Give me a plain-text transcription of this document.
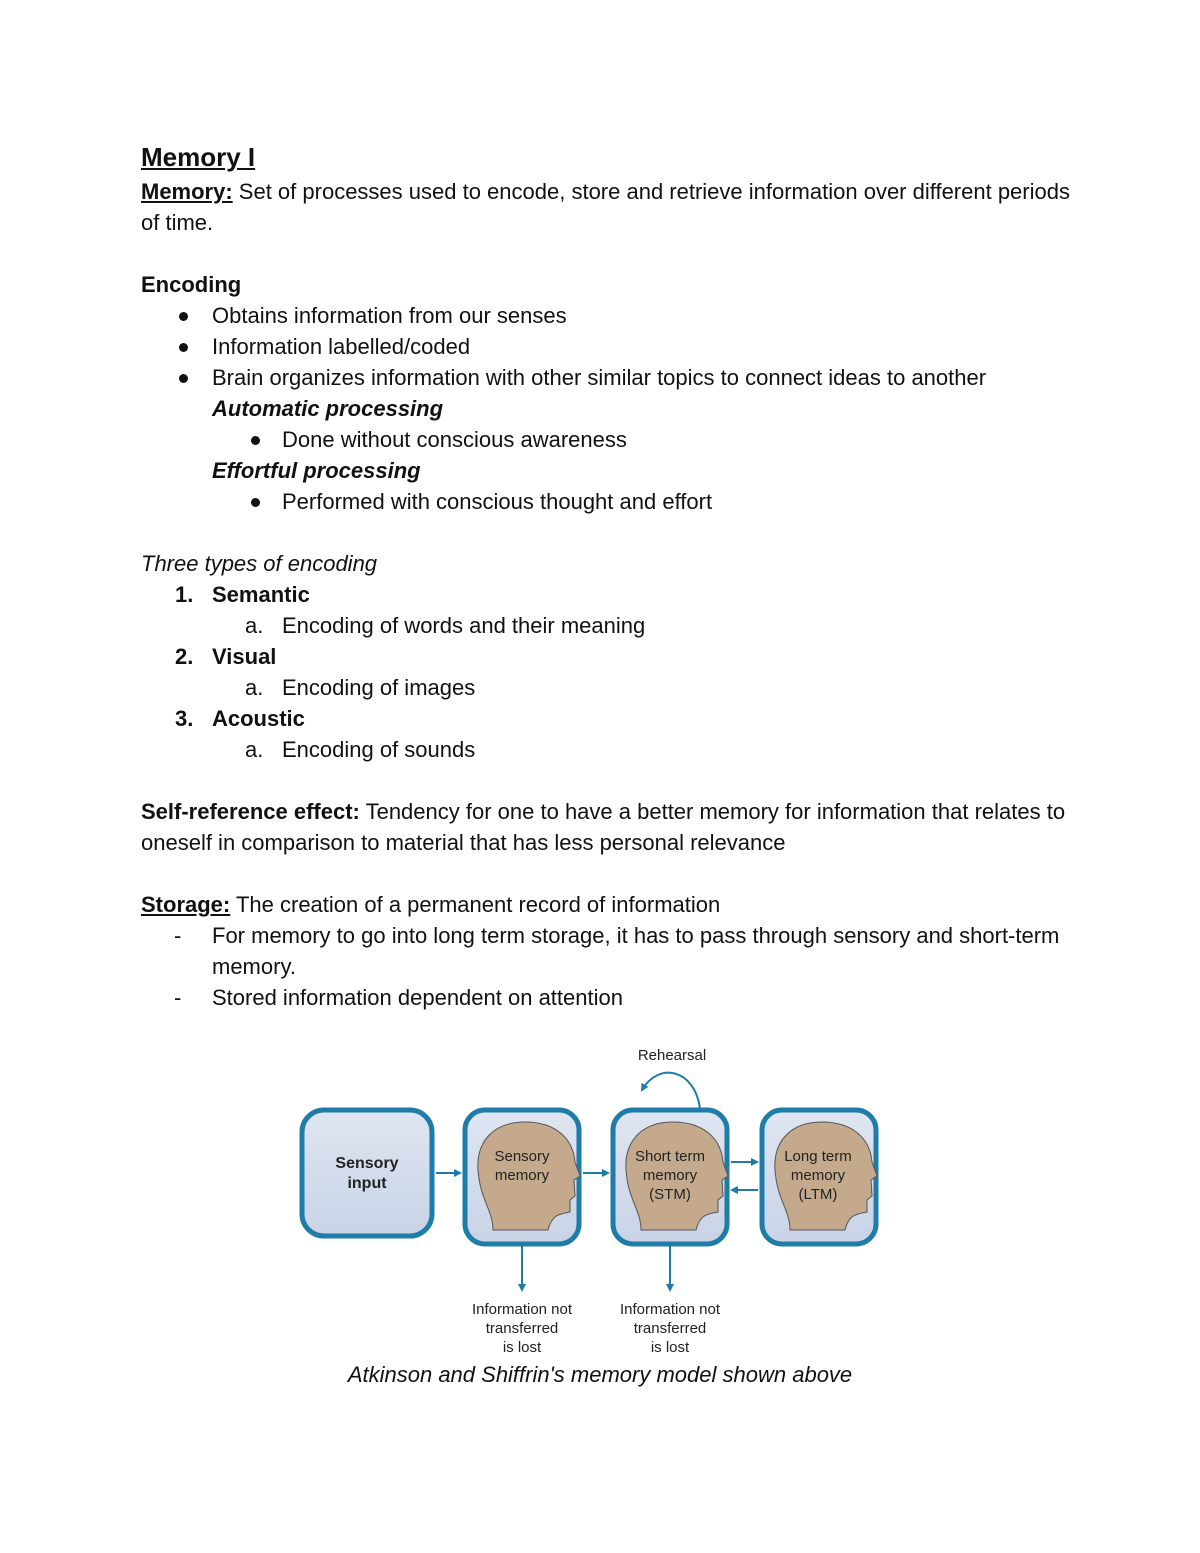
Memory I

Memory: Set of processes used to encode, store and retrieve information over different periods of time.

Encoding

Obtains information from our senses
Information labelled/coded
Brain organizes information with other similar topics to connect ideas to another

Automatic processing

Done without conscious awareness

Effortful processing

Performed with conscious thought and effort

Three types of encoding

1. Semantic
a. Encoding of words and their meaning
2. Visual
a. Encoding of images
3. Acoustic
a. Encoding of sounds

Self-reference effect: Tendency for one to have a better memory for information that relates to oneself in comparison to material that has less personal relevance

Storage: The creation of a permanent record of information

- For memory to go into long term storage, it has to pass through sensory and short-term memory.
- Stored information dependent on attention
Sensory
input
Sensory
memory
Short term
memory
(STM)
Long term
memory
(LTM)
Rehearsal
Information not
transferred
is lost
Information not
transferred
is lost

Atkinson and Shiffrin's memory model shown above
